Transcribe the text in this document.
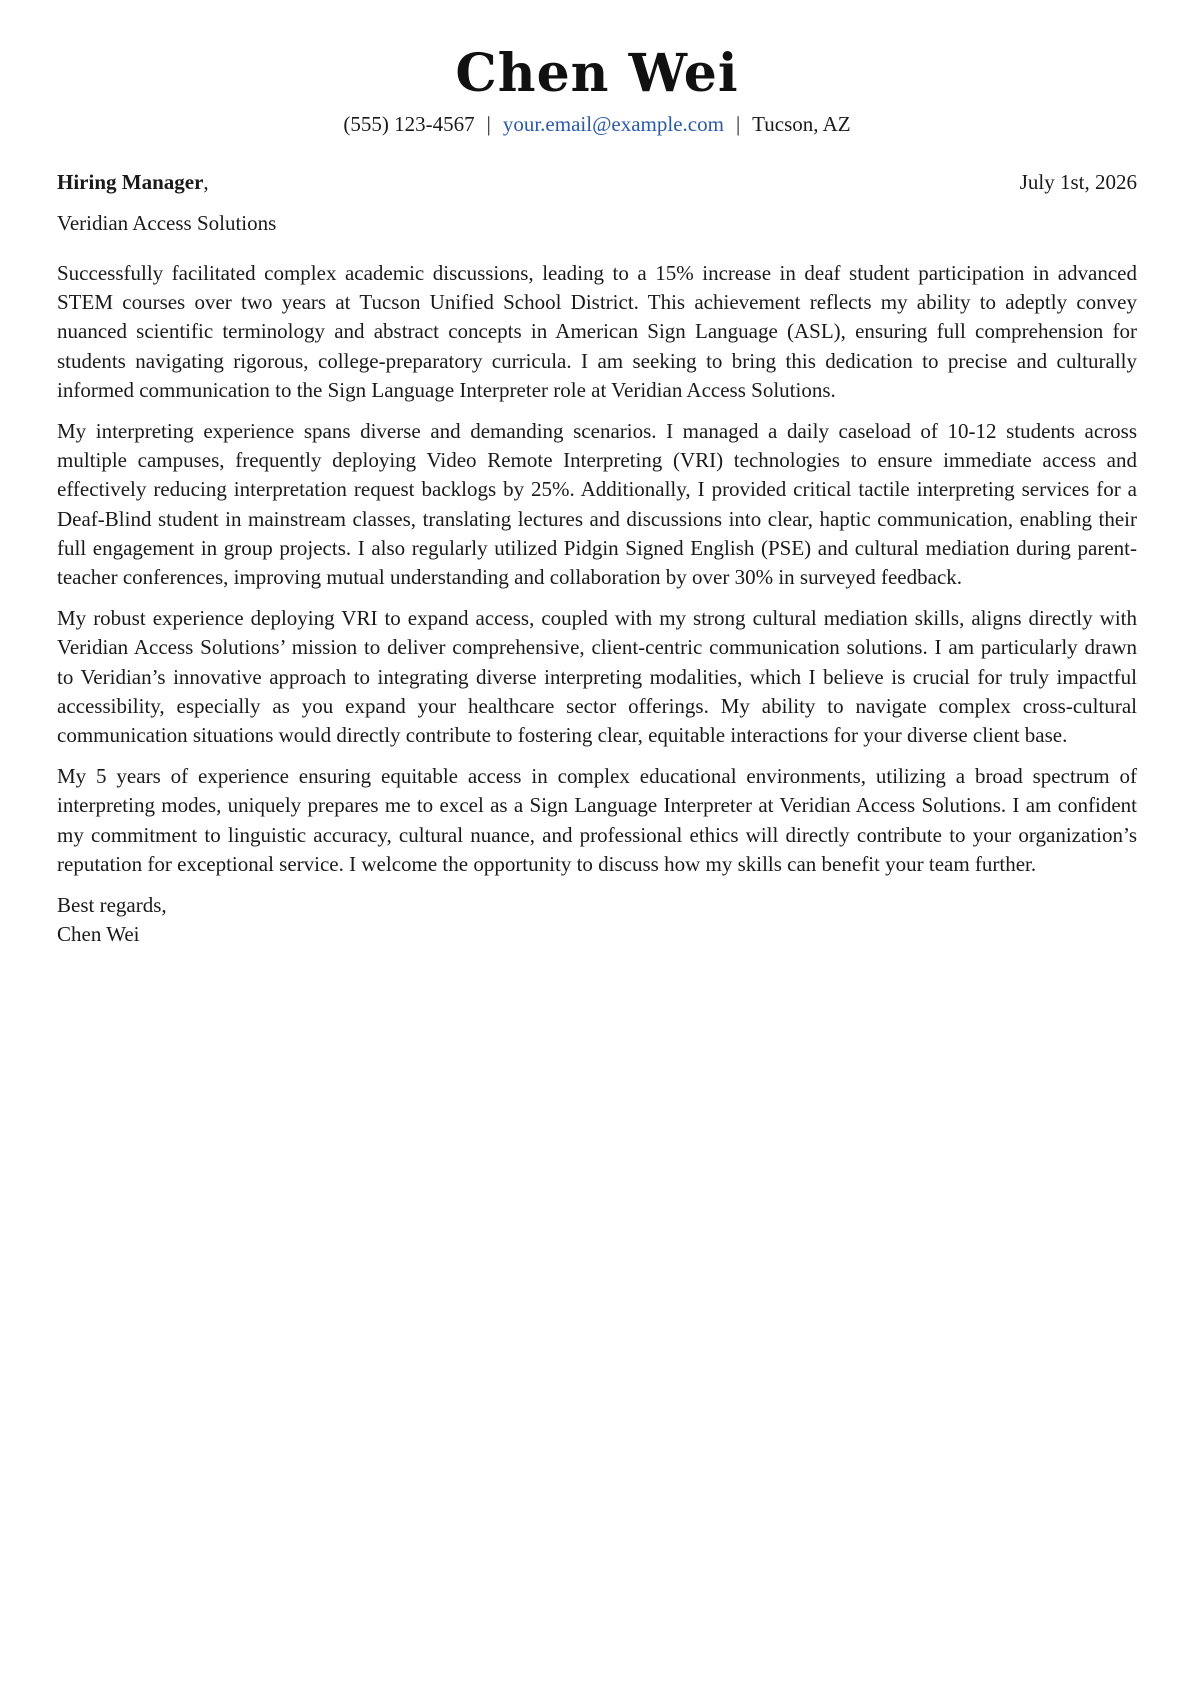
Chen Wei
(555) 123-4567 | your.email@example.com | Tucson, AZ
Hiring Manager,	July 1st, 2026
Veridian Access Solutions

Successfully facilitated complex academic discussions, leading to a 15% increase in deaf student participation in advanced STEM courses over two years at Tucson Unified School District. This achievement reflects my ability to adeptly convey nuanced scientific terminology and abstract concepts in American Sign Language (ASL), ensuring full comprehension for students navigating rigorous, college-preparatory curricula. I am seeking to bring this dedication to precise and culturally informed communication to the Sign Language Interpreter role at Veridian Access Solutions.

My interpreting experience spans diverse and demanding scenarios. I managed a daily caseload of 10-12 students across multiple campuses, frequently deploying Video Remote Interpreting (VRI) technologies to ensure immediate access and effectively reducing interpretation request backlogs by 25%. Additionally, I provided critical tactile interpreting services for a Deaf-Blind student in mainstream classes, translating lectures and discussions into clear, haptic communication, enabling their full engagement in group projects. I also regularly utilized Pidgin Signed English (PSE) and cultural mediation during parent-teacher conferences, improving mutual understanding and collaboration by over 30% in surveyed feedback.

My robust experience deploying VRI to expand access, coupled with my strong cultural mediation skills, aligns directly with Veridian Access Solutions’ mission to deliver comprehensive, client-centric communication solutions. I am particularly drawn to Veridian’s innovative approach to integrating diverse interpreting modalities, which I believe is crucial for truly impactful accessibility, especially as you expand your healthcare sector offerings. My ability to navigate complex cross-cultural communication situations would directly contribute to fostering clear, equitable interactions for your diverse client base.

My 5 years of experience ensuring equitable access in complex educational environments, utilizing a broad spectrum of interpreting modes, uniquely prepares me to excel as a Sign Language Interpreter at Veridian Access Solutions. I am confident my commitment to linguistic accuracy, cultural nuance, and professional ethics will directly contribute to your organization’s reputation for exceptional service. I welcome the opportunity to discuss how my skills can benefit your team further.

Best regards,
Chen Wei
